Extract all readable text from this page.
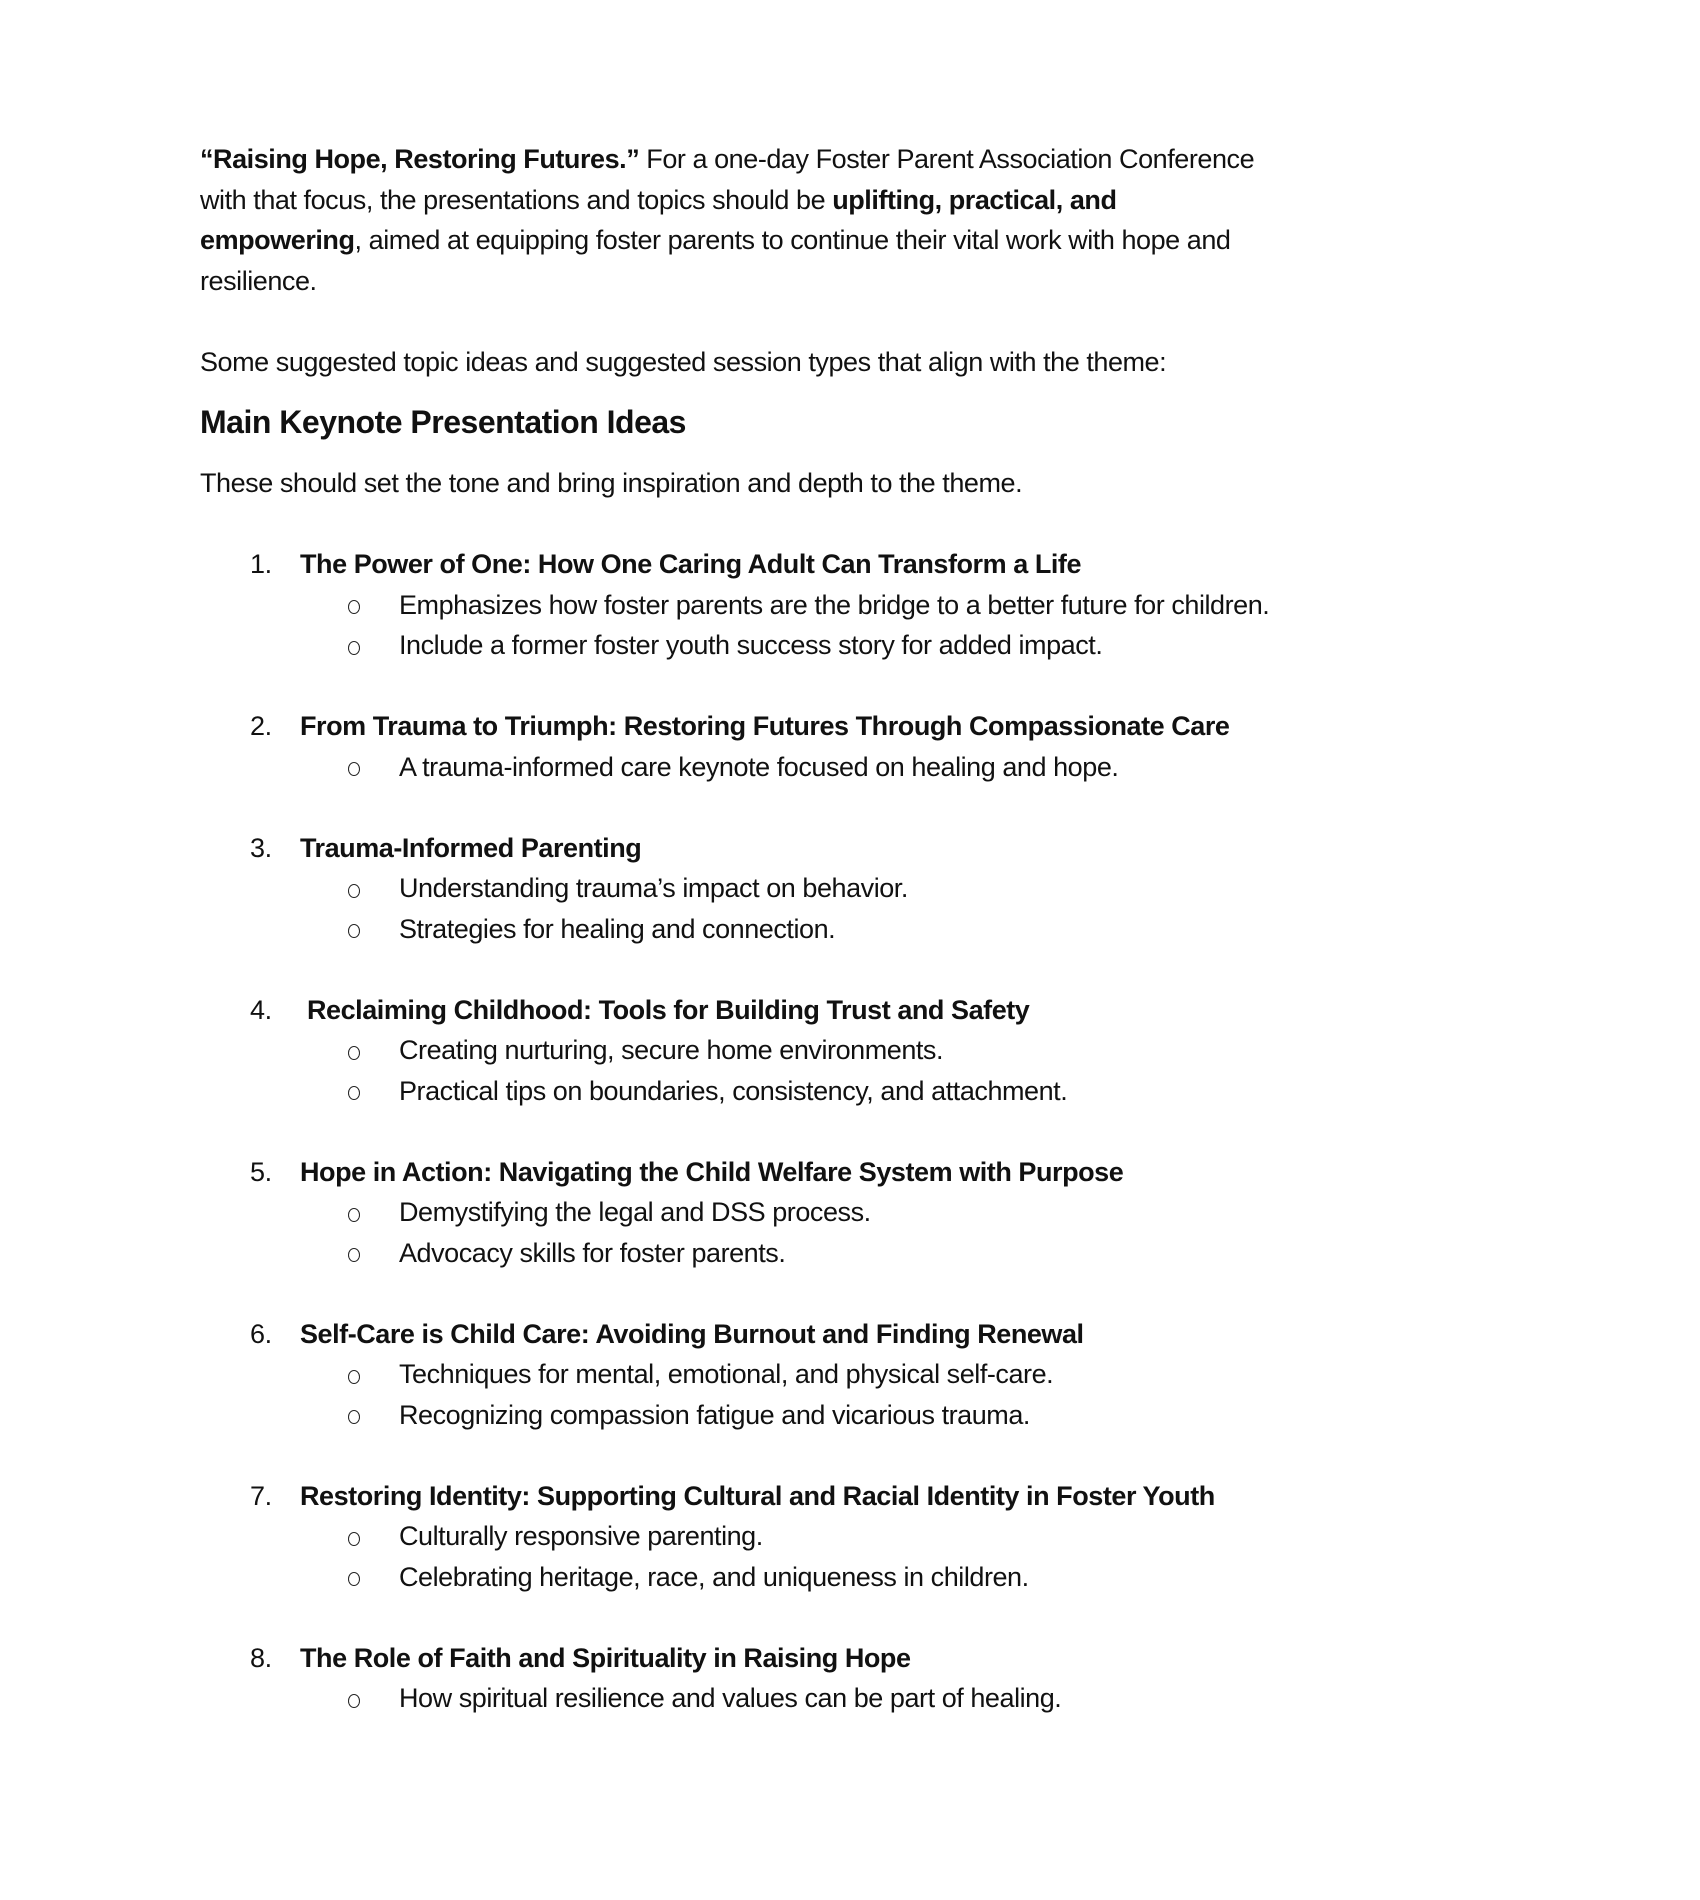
“Raising Hope, Restoring Futures.” For a one-day Foster Parent Association Conference
with that focus, the presentations and topics should be uplifting, practical, and
empowering, aimed at equipping foster parents to continue their vital work with hope and
resilience.
Some suggested topic ideas and suggested session types that align with the theme:
Main Keynote Presentation Ideas
These should set the tone and bring inspiration and depth to the theme.
1. The Power of One: How One Caring Adult Can Transform a Life
Emphasizes how foster parents are the bridge to a better future for children.
Include a former foster youth success story for added impact.
2. From Trauma to Triumph: Restoring Futures Through Compassionate Care
A trauma-informed care keynote focused on healing and hope.
3. Trauma-Informed Parenting
Understanding trauma’s impact on behavior.
Strategies for healing and connection.
4. Reclaiming Childhood: Tools for Building Trust and Safety
Creating nurturing, secure home environments.
Practical tips on boundaries, consistency, and attachment.
5. Hope in Action: Navigating the Child Welfare System with Purpose
Demystifying the legal and DSS process.
Advocacy skills for foster parents.
6. Self-Care is Child Care: Avoiding Burnout and Finding Renewal
Techniques for mental, emotional, and physical self-care.
Recognizing compassion fatigue and vicarious trauma.
7. Restoring Identity: Supporting Cultural and Racial Identity in Foster Youth
Culturally responsive parenting.
Celebrating heritage, race, and uniqueness in children.
8. The Role of Faith and Spirituality in Raising Hope
How spiritual resilience and values can be part of healing.
